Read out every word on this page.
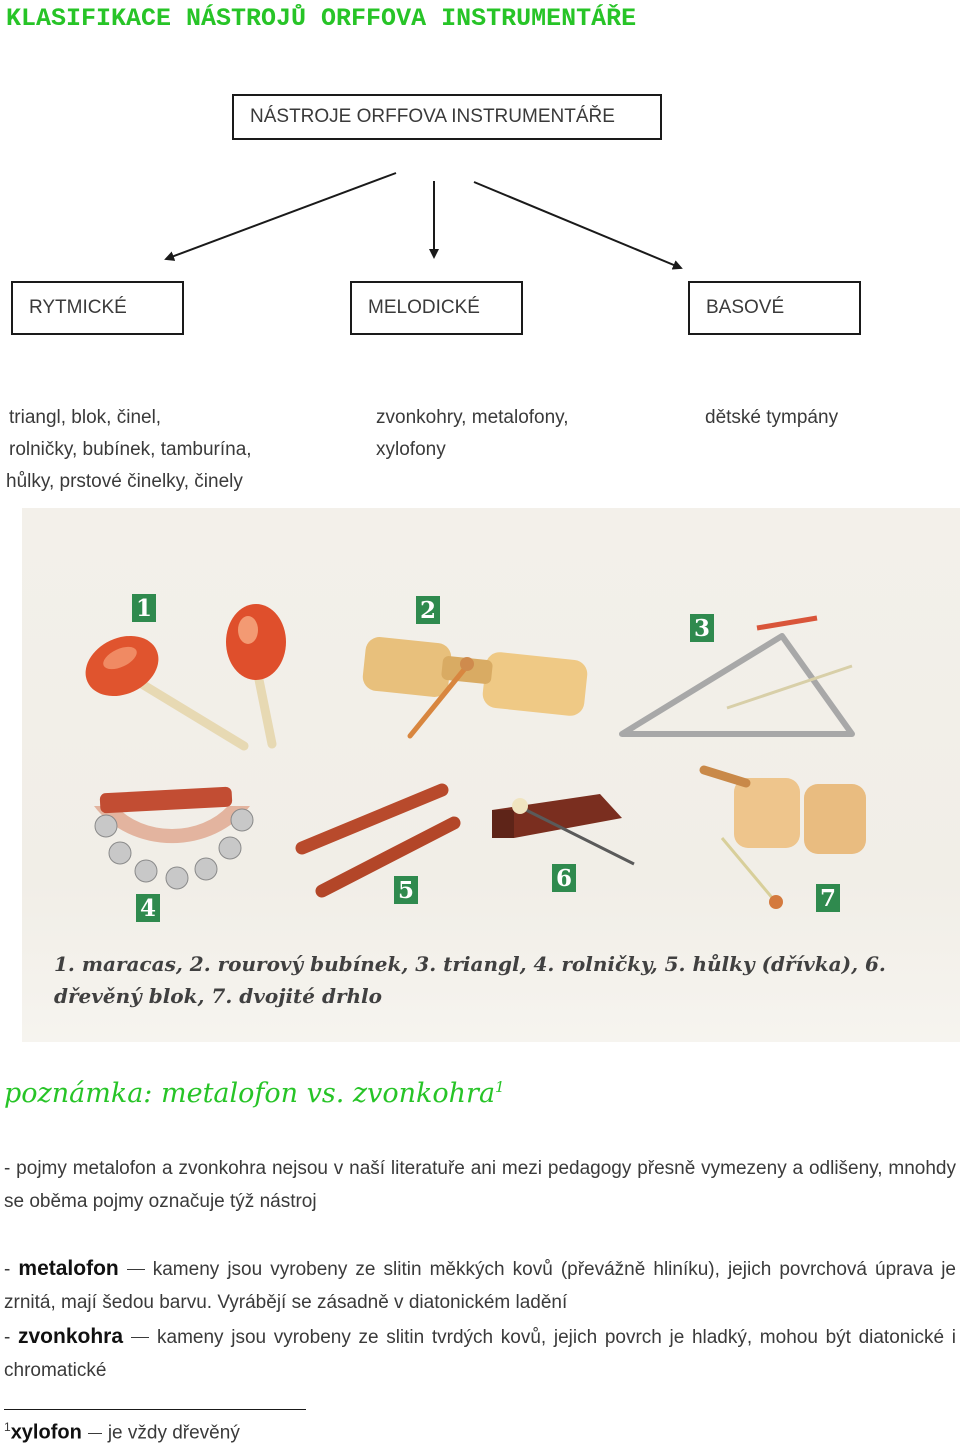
KLASIFIKACE NÁSTROJŮ ORFFOVA INSTRUMENTÁŘE
NÁSTROJE ORFFOVA INSTRUMENTÁŘE
RYTMICKÉ	MELODICKÉ	BASOVÉ
triangl, blok, činel,
rolničky, bubínek, tamburína,
hůlky, prstové činelky, činely
zvonkohry, metalofony,
xylofony
dětské tympány
1	2
3
4
5	6
7
1. maracas, 2. rourový bubínek, 3. triangl, 4. rolničky, 5. hůlky (dřívka), 6.
dřevěný blok, 7. dvojité drhlo
poznámka: metalofon vs. zvonkohra$^1$
- pojmy metalofon a zvonkohra nejsou v naší literatuře ani mezi pedagogy přesně vymezeny a odlišeny, mnohdy se oběma pojmy označuje týž nástroj
- metalofon kameny jsou vyrobeny ze slitin měkkých kovů (převážně hliníku), jejich povrchová úprava je zrnitá, mají šedou barvu. Vyrábějí se zásadně v diatonickém ladění
- zvonkohra kameny jsou vyrobeny ze slitin tvrdých kovů, jejich povrch je hladký, mohou být diatonické i chromatické
$^1$xylofon je vždy dřevěný
